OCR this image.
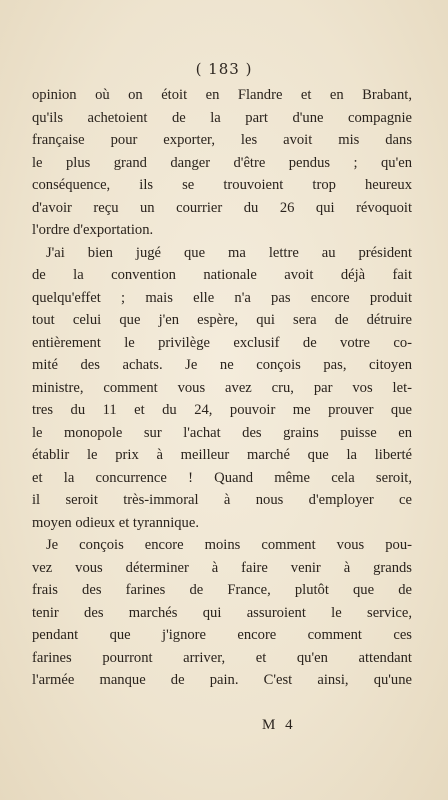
( 183 )
opinion où on étoit en Flandre et en Brabant,
qu'ils achetoient de la part d'une compagnie
française pour exporter, les avoit mis dans
le plus grand danger d'être pendus ; qu'en
conséquence, ils se trouvoient trop heureux
d'avoir reçu un courrier du 26 qui révoquoit
l'ordre d'exportation.
J'ai bien jugé que ma lettre au président
de la convention nationale avoit déjà fait
quelqu'effet ; mais elle n'a pas encore produit
tout celui que j'en espère, qui sera de détruire
entièrement le privilège exclusif de votre co-
mité des achats. Je ne conçois pas, citoyen
ministre, comment vous avez cru, par vos let-
tres du 11 et du 24, pouvoir me prouver que
le monopole sur l'achat des grains puisse en
établir le prix à meilleur marché que la liberté
et la concurrence ! Quand même cela seroit,
il seroit très-immoral à nous d'employer ce
moyen odieux et tyrannique.
Je conçois encore moins comment vous pou-
vez vous déterminer à faire venir à grands
frais des farines de France, plutôt que de
tenir des marchés qui assuroient le service,
pendant que j'ignore encore comment ces
farines pourront arriver, et qu'en attendant
l'armée manque de pain. C'est ainsi, qu'une
M 4
